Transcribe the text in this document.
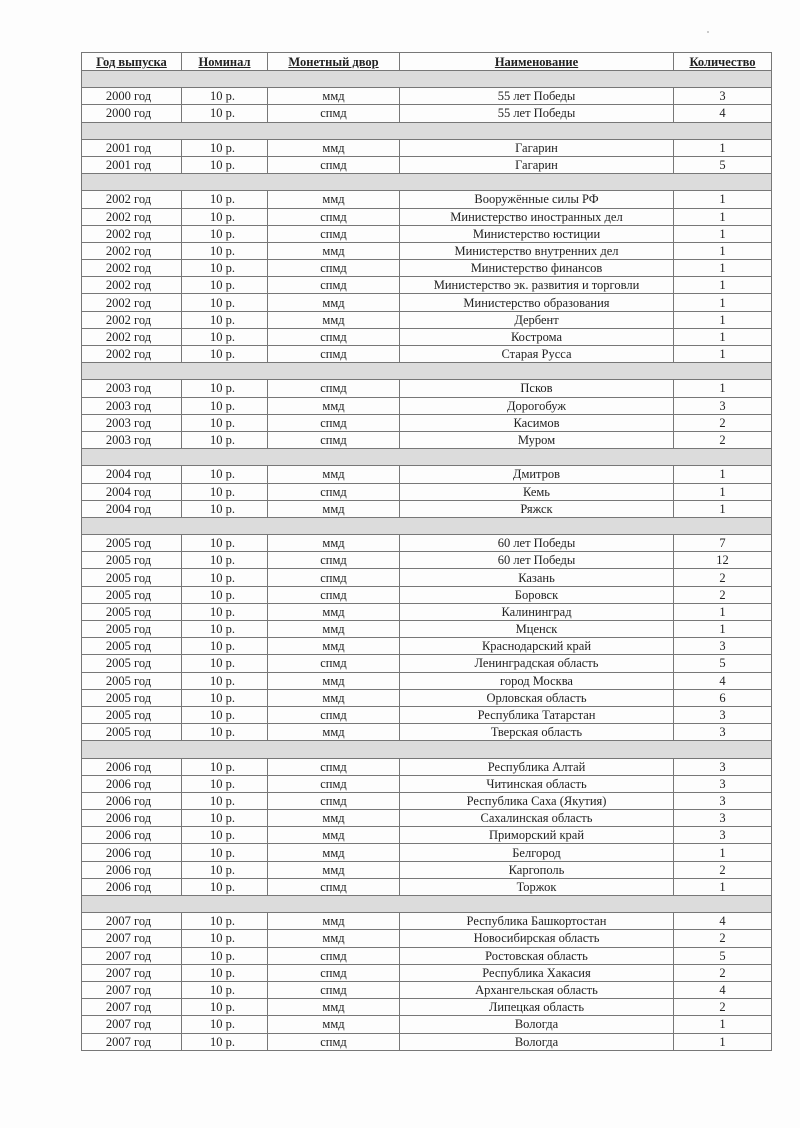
Год выпуска	Номинал	Монетный двор	Наименование	Количество

2000 год	10 р.	ммд	55 лет Победы	3
2000 год	10 р.	спмд	55 лет Победы	4

2001 год	10 р.	ммд	Гагарин	1
2001 год	10 р.	спмд	Гагарин	5

2002 год	10 р.	ммд	Вооружённые силы РФ	1
2002 год	10 р.	спмд	Министерство иностранных дел	1
2002 год	10 р.	спмд	Министерство юстиции	1
2002 год	10 р.	ммд	Министерство внутренних дел	1
2002 год	10 р.	спмд	Министерство финансов	1
2002 год	10 р.	спмд	Министерство эк. развития и торговли	1
2002 год	10 р.	ммд	Министерство образования	1
2002 год	10 р.	ммд	Дербент	1
2002 год	10 р.	спмд	Кострома	1
2002 год	10 р.	спмд	Старая Русса	1

2003 год	10 р.	спмд	Псков	1
2003 год	10 р.	ммд	Дорогобуж	3
2003 год	10 р.	спмд	Касимов	2
2003 год	10 р.	спмд	Муром	2

2004 год	10 р.	ммд	Дмитров	1
2004 год	10 р.	спмд	Кемь	1
2004 год	10 р.	ммд	Ряжск	1

2005 год	10 р.	ммд	60 лет Победы	7
2005 год	10 р.	спмд	60 лет Победы	12
2005 год	10 р.	спмд	Казань	2
2005 год	10 р.	спмд	Боровск	2
2005 год	10 р.	ммд	Калининград	1
2005 год	10 р.	ммд	Мценск	1
2005 год	10 р.	ммд	Краснодарский край	3
2005 год	10 р.	спмд	Ленинградская область	5
2005 год	10 р.	ммд	город Москва	4
2005 год	10 р.	ммд	Орловская область	6
2005 год	10 р.	спмд	Республика Татарстан	3
2005 год	10 р.	ммд	Тверская область	3

2006 год	10 р.	спмд	Республика Алтай	3
2006 год	10 р.	спмд	Читинская область	3
2006 год	10 р.	спмд	Республика Саха (Якутия)	3
2006 год	10 р.	ммд	Сахалинская область	3
2006 год	10 р.	ммд	Приморский край	3
2006 год	10 р.	ммд	Белгород	1
2006 год	10 р.	ммд	Каргополь	2
2006 год	10 р.	спмд	Торжок	1

2007 год	10 р.	ммд	Республика Башкортостан	4
2007 год	10 р.	ммд	Новосибирская область	2
2007 год	10 р.	спмд	Ростовская область	5
2007 год	10 р.	спмд	Республика Хакасия	2
2007 год	10 р.	спмд	Архангельская область	4
2007 год	10 р.	ммд	Липецкая область	2
2007 год	10 р.	ммд	Вологда	1
2007 год	10 р.	спмд	Вологда	1
